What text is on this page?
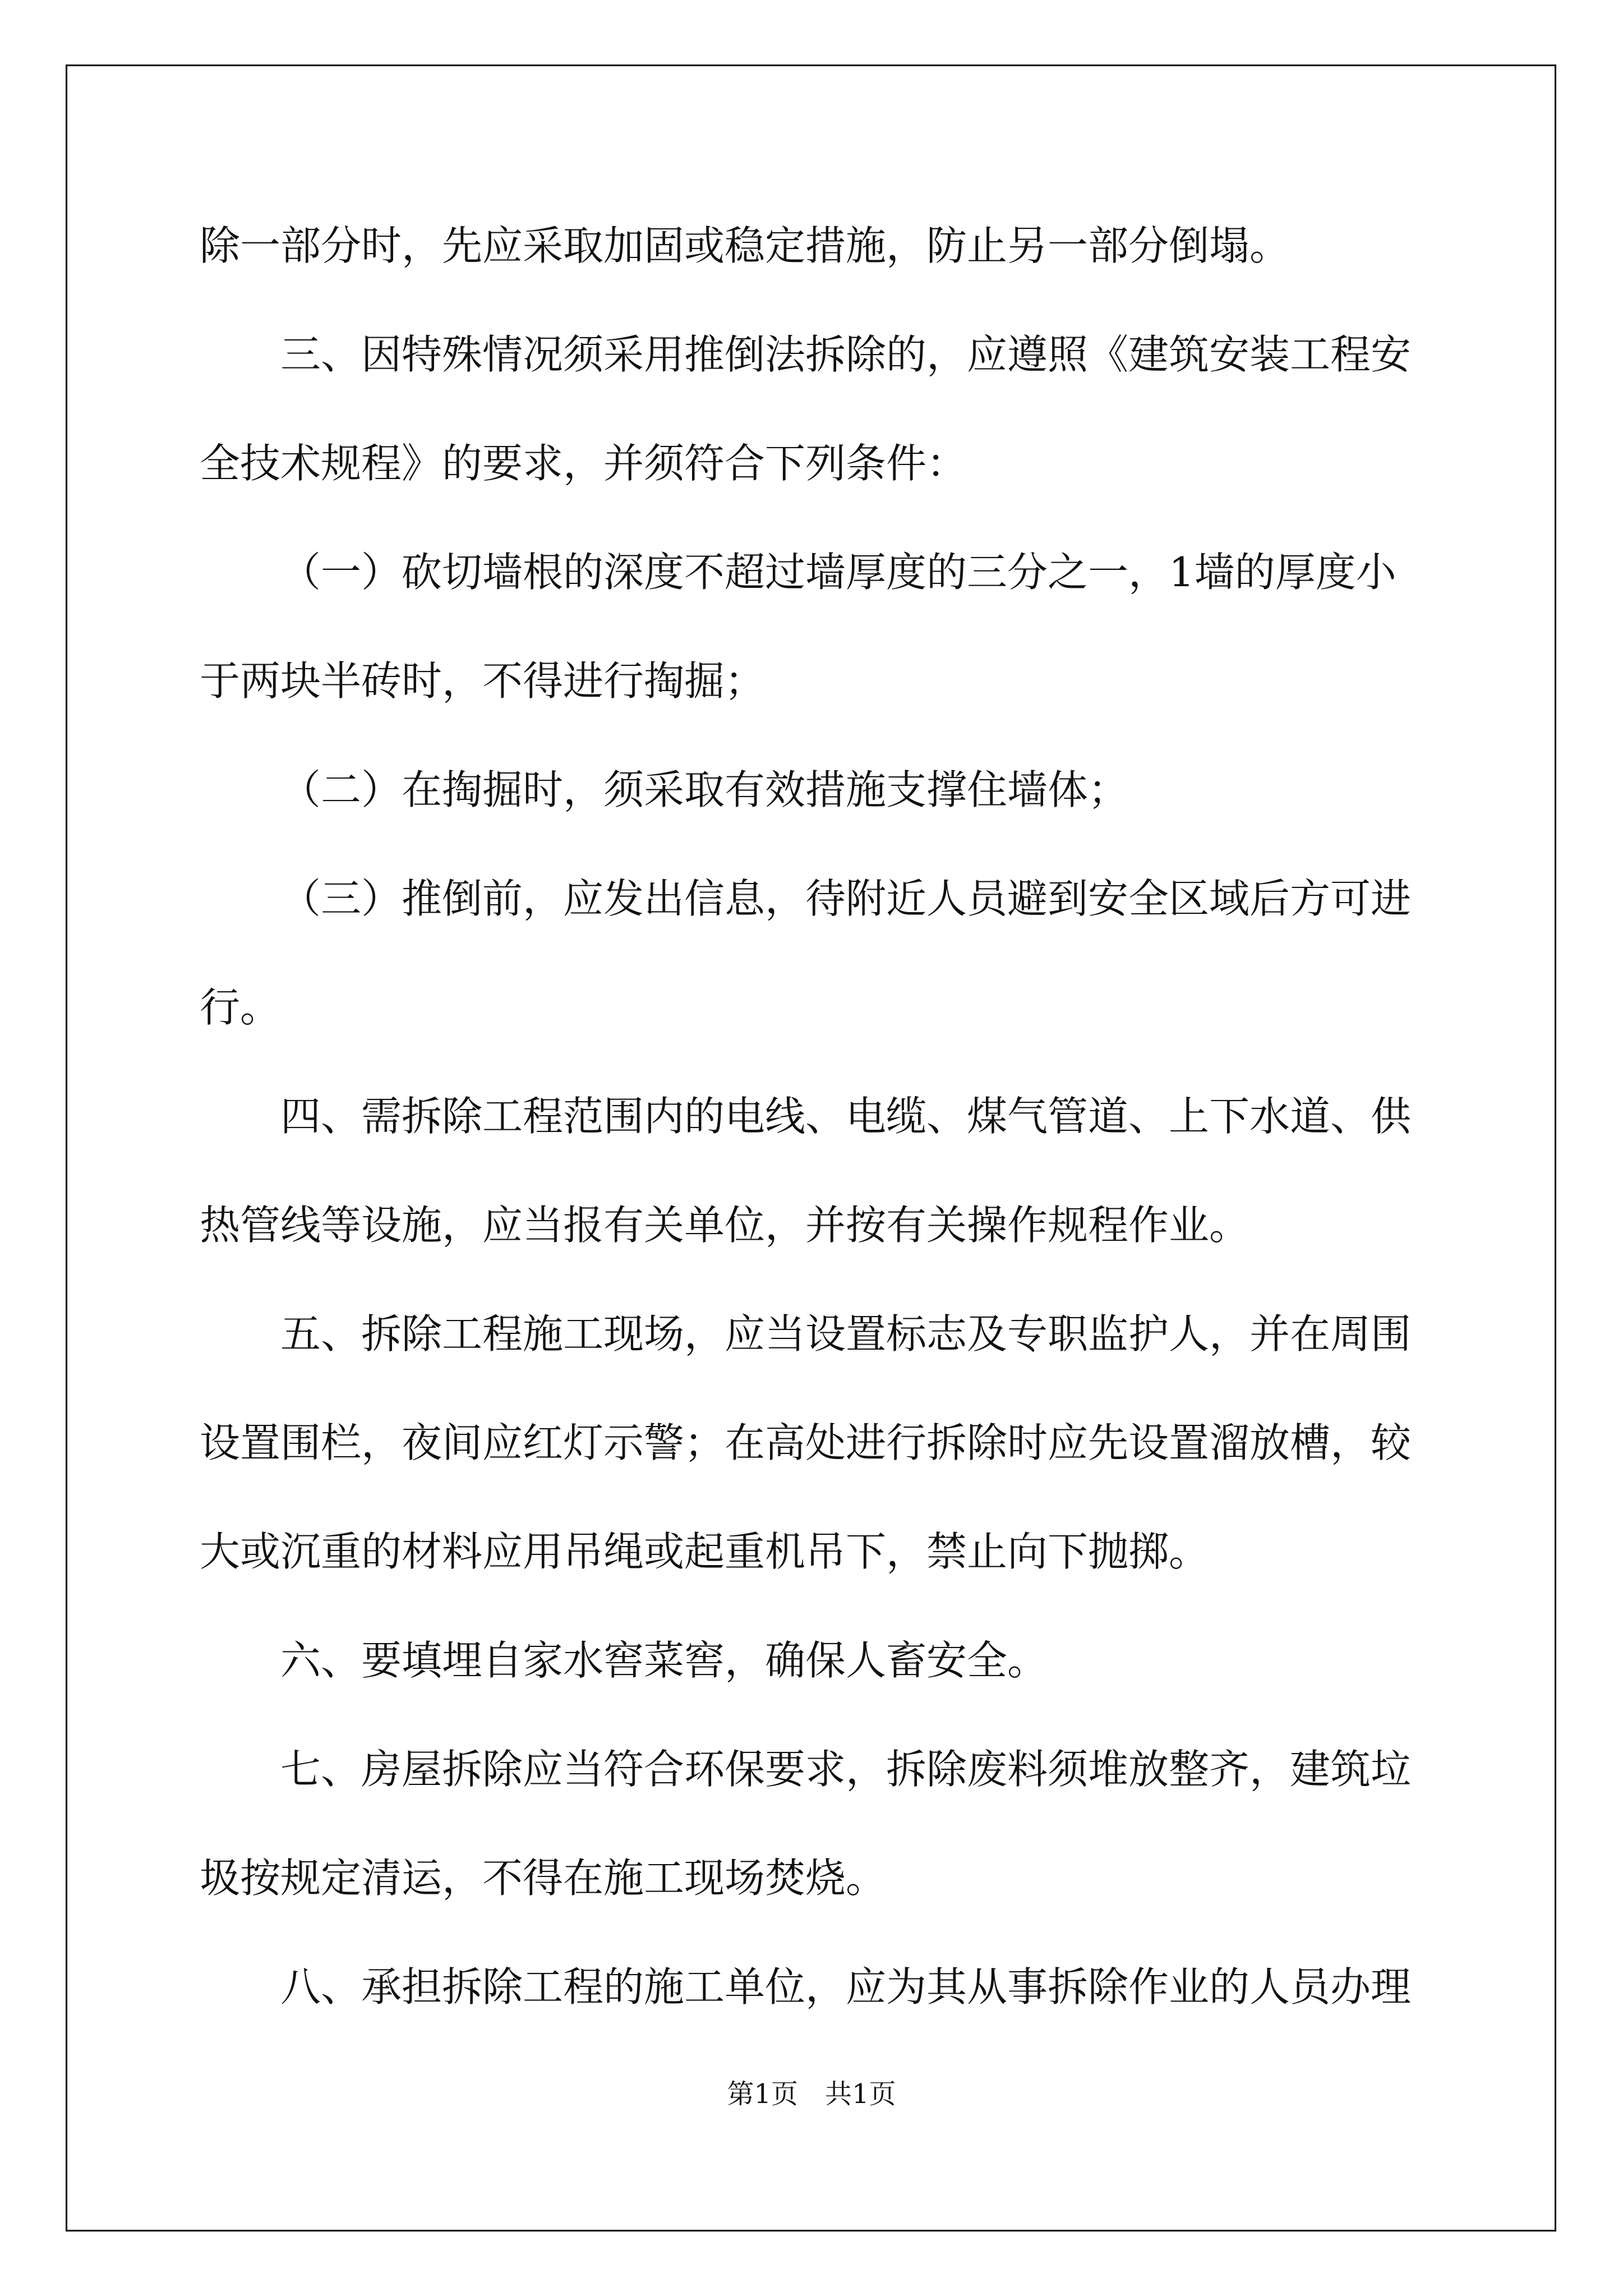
除一部分时，先应采取加固或稳定措施，防止另一部分倒塌。

三、因特殊情况须采用推倒法拆除的，应遵照《建筑安装工程安

全技术规程》的要求，并须符合下列条件：

（一）砍切墙根的深度不超过墙厚度的三分之一，1墙的厚度小

于两块半砖时，不得进行掏掘；

（二）在掏掘时，须采取有效措施支撑住墙体；

（三）推倒前，应发出信息，待附近人员避到安全区域后方可进

行。

四、需拆除工程范围内的电线、电缆、煤气管道、上下水道、供

热管线等设施，应当报有关单位，并按有关操作规程作业。

五、拆除工程施工现场，应当设置标志及专职监护人，并在周围

设置围栏，夜间应红灯示警；在高处进行拆除时应先设置溜放槽，较

大或沉重的材料应用吊绳或起重机吊下，禁止向下抛掷。

六、要填埋自家水窖菜窖，确保人畜安全。

七、房屋拆除应当符合环保要求，拆除废料须堆放整齐，建筑垃

圾按规定清运，不得在施工现场焚烧。

八、承担拆除工程的施工单位，应为其从事拆除作业的人员办理

第1页　共1页
